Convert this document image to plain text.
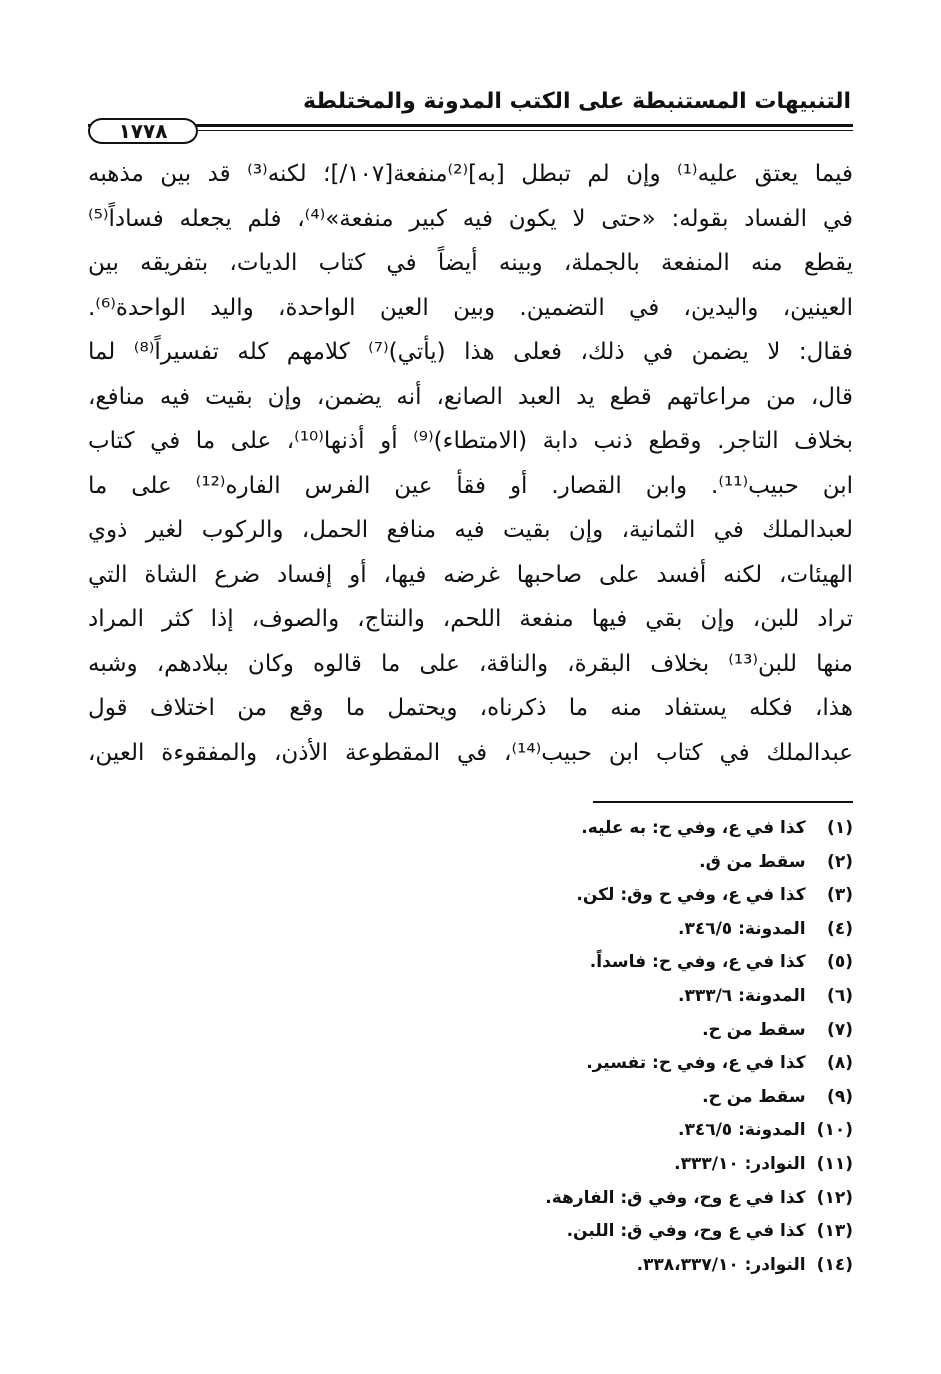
التنبيهات المستنبطة على الكتب المدونة والمختلطة
١٧٧٨
فيما يعتق عليه⁽¹⁾ وإن لم تبطل [به]⁽²⁾منفعة[١٠٧/]؛ لكنه⁽³⁾ قد بين مذهبه
في الفساد بقوله: «حتى لا يكون فيه كبير منفعة»⁽⁴⁾، فلم يجعله فساداً⁽⁵⁾
يقطع منه المنفعة بالجملة، وبينه أيضاً في كتاب الديات، بتفريقه بين
العينين، واليدين، في التضمين. وبين العين الواحدة، واليد الواحدة⁽⁶⁾.
فقال: لا يضمن في ذلك، فعلى هذا (يأتي)⁽⁷⁾ كلامهم كله تفسيراً⁽⁸⁾ لما
قال، من مراعاتهم قطع يد العبد الصانع، أنه يضمن، وإن بقيت فيه منافع،
بخلاف التاجر. وقطع ذنب دابة (الامتطاء)⁽⁹⁾ أو أذنها⁽¹⁰⁾، على ما في كتاب
ابن حبيب⁽¹¹⁾. وابن القصار. أو فقأ عين الفرس الفاره⁽¹²⁾ على ما
لعبدالملك في الثمانية، وإن بقيت فيه منافع الحمل، والركوب لغير ذوي
الهيئات، لكنه أفسد على صاحبها غرضه فيها، أو إفساد ضرع الشاة التي
تراد للبن، وإن بقي فيها منفعة اللحم، والنتاج، والصوف، إذا كثر المراد
منها للبن⁽¹³⁾ بخلاف البقرة، والناقة، على ما قالوه وكان ببلادهم، وشبه
هذا، فكله يستفاد منه ما ذكرناه، ويحتمل ما وقع من اختلاف قول
عبدالملك في كتاب ابن حبيب⁽¹⁴⁾، في المقطوعة الأذن، والمفقوءة العين،
(١) كذا في ع، وفي ح: به عليه.
(٢) سقط من ق.
(٣) كذا في ع، وفي ح وق: لكن.
(٤) المدونة: ٣٤٦/٥.
(٥) كذا في ع، وفي ح: فاسداً.
(٦) المدونة: ٣٣٣/٦.
(٧) سقط من ح.
(٨) كذا في ع، وفي ح: تفسير.
(٩) سقط من ح.
(١٠) المدونة: ٣٤٦/٥.
(١١) النوادر: ٣٣٣/١٠.
(١٢) كذا في ع وح، وفي ق: الفارهة.
(١٣) كذا في ع وح، وفي ق: اللبن.
(١٤) النوادر: ٣٣٨،٣٣٧/١٠.
